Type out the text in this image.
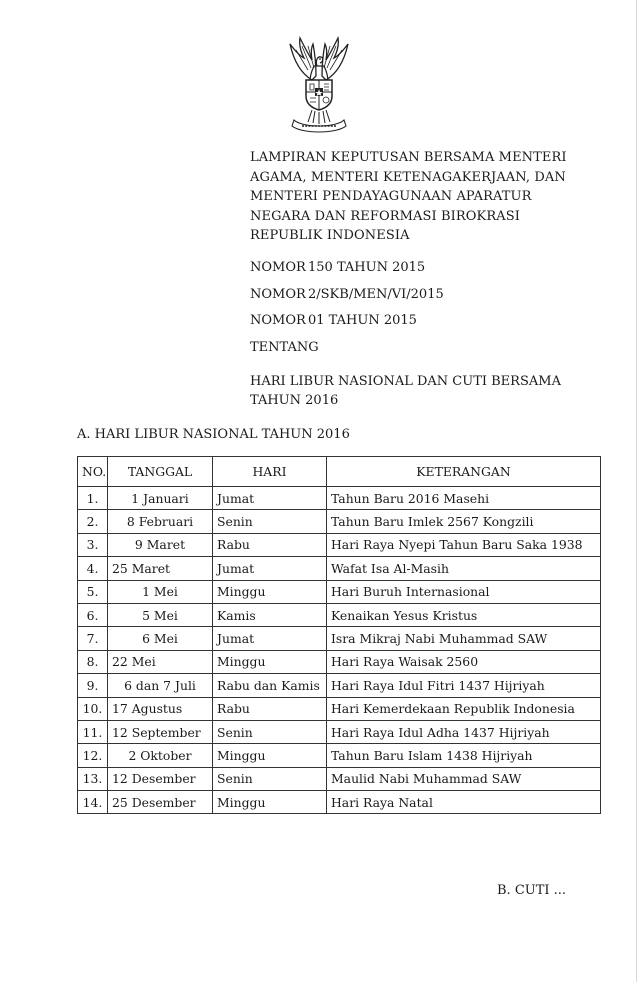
LAMPIRAN KEPUTUSAN BERSAMA MENTERI
AGAMA, MENTERI KETENAGAKERJAAN, DAN
MENTERI PENDAYAGUNAAN APARATUR
NEGARA DAN REFORMASI BIROKRASI
REPUBLIK INDONESIA
NOMOR 150 TAHUN 2015
NOMOR 2/SKB/MEN/VI/2015
NOMOR 01 TAHUN 2015
TENTANG
HARI LIBUR NASIONAL DAN CUTI BERSAMA
TAHUN 2016
A. HARI LIBUR NASIONAL TAHUN 2016
NO.	TANGGAL	HARI	KETERANGAN
1.	1 Januari	Jumat	Tahun Baru 2016 Masehi
2.	8 Februari	Senin	Tahun Baru Imlek 2567 Kongzili
3.	9 Maret	Rabu	Hari Raya Nyepi Tahun Baru Saka 1938
4.	25 Maret	Jumat	Wafat Isa Al-Masih
5.	1 Mei	Minggu	Hari Buruh Internasional
6.	5 Mei	Kamis	Kenaikan Yesus Kristus
7.	6 Mei	Jumat	Isra Mikraj Nabi Muhammad SAW
8.	22 Mei	Minggu	Hari Raya Waisak 2560
9.	6 dan 7 Juli	Rabu dan Kamis	Hari Raya Idul Fitri 1437 Hijriyah
10.	17 Agustus	Rabu	Hari Kemerdekaan Republik Indonesia
11.	12 September	Senin	Hari Raya Idul Adha 1437 Hijriyah
12.	2 Oktober	Minggu	Tahun Baru Islam 1438 Hijriyah
13.	12 Desember	Senin	Maulid Nabi Muhammad SAW
14.	25 Desember	Minggu	Hari Raya Natal
B. CUTI ...
